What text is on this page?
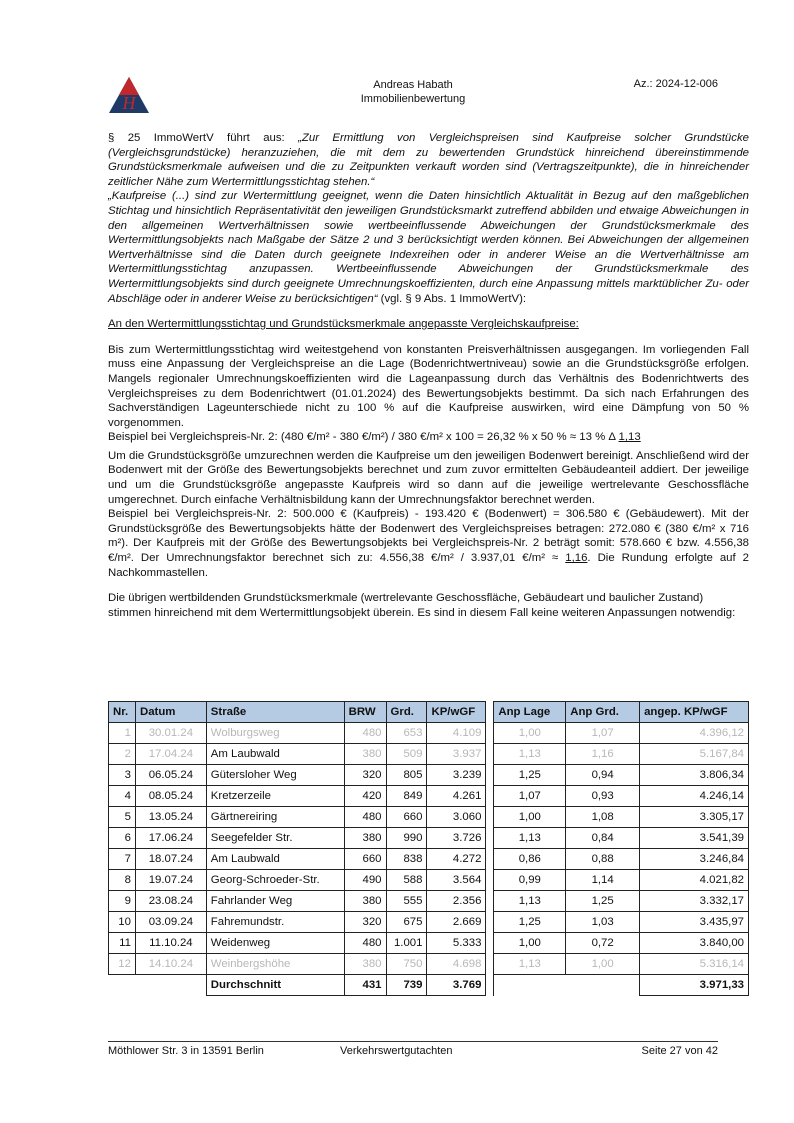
H
Andreas Habath
Immobilienbewertung
Az.: 2024-12-006

§ 25 ImmoWertV führt aus: „Zur Ermittlung von Vergleichspreisen sind Kaufpreise solcher Grundstücke (Vergleichsgrundstücke) heranzuziehen, die mit dem zu bewertenden Grundstück hinreichend übereinstimmende Grundstücksmerkmale aufweisen und die zu Zeitpunkten verkauft worden sind (Vertragszeitpunkte), die in hinreichender zeitlicher Nähe zum Wertermittlungsstichtag stehen.“

„Kaufpreise (...) sind zur Wertermittlung geeignet, wenn die Daten hinsichtlich Aktualität in Bezug auf den maßgeblichen Stichtag und hinsichtlich Repräsentativität den jeweiligen Grundstücksmarkt zutreffend abbilden und etwaige Abweichungen in den allgemeinen Wertverhältnissen sowie wertbeeinflussende Abweichungen der Grundstücksmerkmale des Wertermittlungsobjekts nach Maßgabe der Sätze 2 und 3 berücksichtigt werden können. Bei Abweichungen der allgemeinen Wertverhältnisse sind die Daten durch geeignete Indexreihen oder in anderer Weise an die Wertverhältnisse am Wertermittlungsstichtag anzupassen. Wertbeeinflussende Abweichungen der Grundstücksmerkmale des Wertermittlungsobjekts sind durch geeignete Umrechnungskoeffizienten, durch eine Anpassung mittels marktüblicher Zu- oder Abschläge oder in anderer Weise zu berücksichtigen“ (vgl. § 9 Abs. 1 ImmoWertV):

An den Wertermittlungsstichtag und Grundstücksmerkmale angepasste Vergleichskaufpreise:

Bis zum Wertermittlungsstichtag wird weitestgehend von konstanten Preisverhältnissen ausgegangen. Im vorliegenden Fall muss eine Anpassung der Vergleichspreise an die Lage (Bodenrichtwertniveau) sowie an die Grundstücksgröße erfolgen. Mangels regionaler Umrechnungskoeffizienten wird die Lageanpassung durch das Verhältnis des Bodenrichtwerts des Vergleichspreises zu dem Bodenrichtwert (01.01.2024) des Bewertungsobjekts bestimmt. Da sich nach Erfahrungen des Sachverständigen Lageunterschiede nicht zu 100 % auf die Kaufpreise auswirken, wird eine Dämpfung von 50 % vorgenommen.

Beispiel bei Vergleichspreis-Nr. 2: (480 €/m² - 380 €/m²) / 380 €/m² x 100 = 26,32 % x 50 % ≈ 13 % Δ 1,13

Um die Grundstücksgröße umzurechnen werden die Kaufpreise um den jeweiligen Bodenwert bereinigt. Anschließend wird der Bodenwert mit der Größe des Bewertungsobjekts berechnet und zum zuvor ermittelten Gebäudeanteil addiert. Der jeweilige und um die Grundstücksgröße angepasste Kaufpreis wird so dann auf die jeweilige wertrelevante Geschossfläche umgerechnet. Durch einfache Verhältnisbildung kann der Umrechnungsfaktor berechnet werden.

Beispiel bei Vergleichspreis-Nr. 2: 500.000 € (Kaufpreis) - 193.420 € (Bodenwert) = 306.580 € (Gebäudewert). Mit der Grundstücksgröße des Bewertungsobjekts hätte der Bodenwert des Vergleichspreises betragen: 272.080 € (380 €/m² x 716 m²). Der Kaufpreis mit der Größe des Bewertungsobjekts bei Vergleichspreis-Nr. 2 beträgt somit: 578.660 € bzw. 4.556,38 €/m². Der Umrechnungsfaktor berechnet sich zu: 4.556,38 €/m² / 3.937,01 €/m² ≈ 1,16. Die Rundung erfolgte auf 2 Nachkommastellen.

Die übrigen wertbildenden Grundstücksmerkmale (wertrelevante Geschossfläche, Gebäudeart und baulicher Zustand) stimmen hinreichend mit dem Wertermittlungsobjekt überein. Es sind in diesem Fall keine weiteren Anpassungen notwendig:

Nr.	Datum	Straße	BRW	Grd.	KP/wGF		Anp Lage	Anp Grd.	angep. KP/wGF
1	30.01.24	Wolburgsweg	480	653	4.109		1,00	1,07	4.396,12
2	17.04.24	Am Laubwald	380	509	3.937		1,13	1,16	5.167,84
3	06.05.24	Gütersloher Weg	320	805	3.239		1,25	0,94	3.806,34
4	08.05.24	Kretzerzeile	420	849	4.261		1,07	0,93	4.246,14
5	13.05.24	Gärtnereiring	480	660	3.060		1,00	1,08	3.305,17
6	17.06.24	Seegefelder Str.	380	990	3.726		1,13	0,84	3.541,39
7	18.07.24	Am Laubwald	660	838	4.272		0,86	0,88	3.246,84
8	19.07.24	Georg-Schroeder-Str.	490	588	3.564		0,99	1,14	4.021,82
9	23.08.24	Fahrlander Weg	380	555	2.356		1,13	1,25	3.332,17
10	03.09.24	Fahremundstr.	320	675	2.669		1,25	1,03	3.435,97
11	11.10.24	Weidenweg	480	1.001	5.333		1,00	0,72	3.840,00
12	14.10.24	Weinbergshöhe	380	750	4.698		1,13	1,00	5.316,14
		Durchschnitt	431	739	3.769				3.971,33
Möthlower Str. 3 in 13591 Berlin	Verkehrswertgutachten	Seite 27 von 42
